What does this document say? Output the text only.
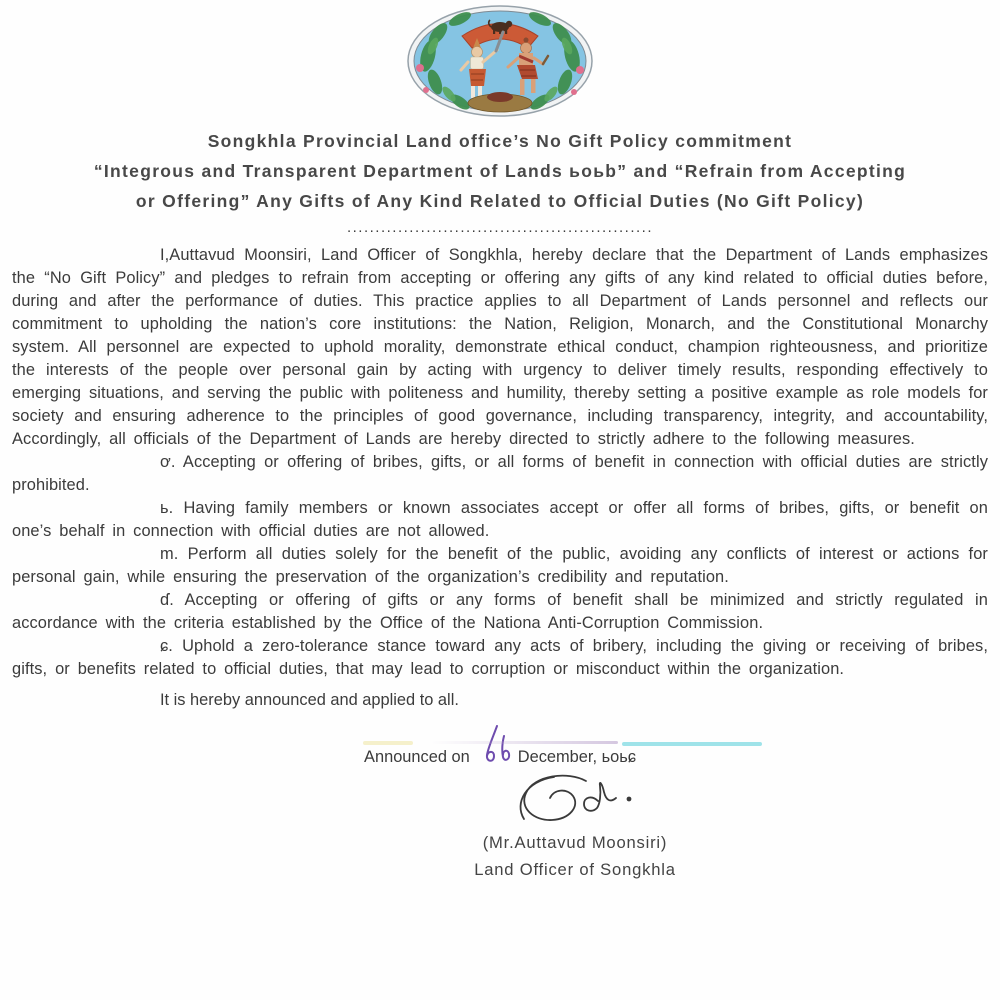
Songkhla Provincial Land office’s No Gift Policy commitment
“Integrous and Transparent Department of Lands ьoьb” and “Refrain from Accepting
or Offering” Any Gifts of Any Kind Related to Official Duties (No Gift Policy)
......................................................

I,Auttavud Moonsiri, Land Officer of Songkhla, hereby declare that the Department of Lands emphasizes the “No Gift Policy” and pledges to refrain from accepting or offering any gifts of any kind related to official duties before, during and after the performance of duties. This practice applies to all Department of Lands personnel and reflects our commitment to upholding the nation’s core institutions: the Nation, Religion, Monarch, and the Constitutional Monarchy system. All personnel are expected to uphold morality, demonstrate ethical conduct, champion righteousness, and prioritize the interests of the people over personal gain by acting with urgency to deliver timely results, responding effectively to emerging situations, and serving the public with politeness and humility, thereby setting a positive example as role models for society and ensuring adherence to the principles of good governance, including transparency, integrity, and accountability, Accordingly, all officials of the Department of Lands are hereby directed to strictly adhere to the following measures.

ơ. Accepting or offering of bribes, gifts, or all forms of benefit in connection with official duties are strictly prohibited.

ь. Having family members or known associates accept or offer all forms of bribes, gifts, or benefit on one’s behalf in connection with official duties are not allowed.

m. Perform all duties solely for the benefit of the public, avoiding any conflicts of interest or actions for personal gain, while ensuring the preservation of the organization’s credibility and reputation.

ɗ. Accepting or offering of gifts or any forms of benefit shall be minimized and strictly regulated in accordance with the criteria established by the Office of the Nationa Anti-Corruption Commission.

ɕ. Uphold a zero-tolerance stance toward any acts of bribery, including the giving or receiving of bribes, gifts, or benefits related to official duties, that may lead to corruption or misconduct within the organization.

It is hereby announced and applied to all.

Announced on	December, ьoьɕ
(Mr.Auttavud Moonsiri)
Land Officer of Songkhla
